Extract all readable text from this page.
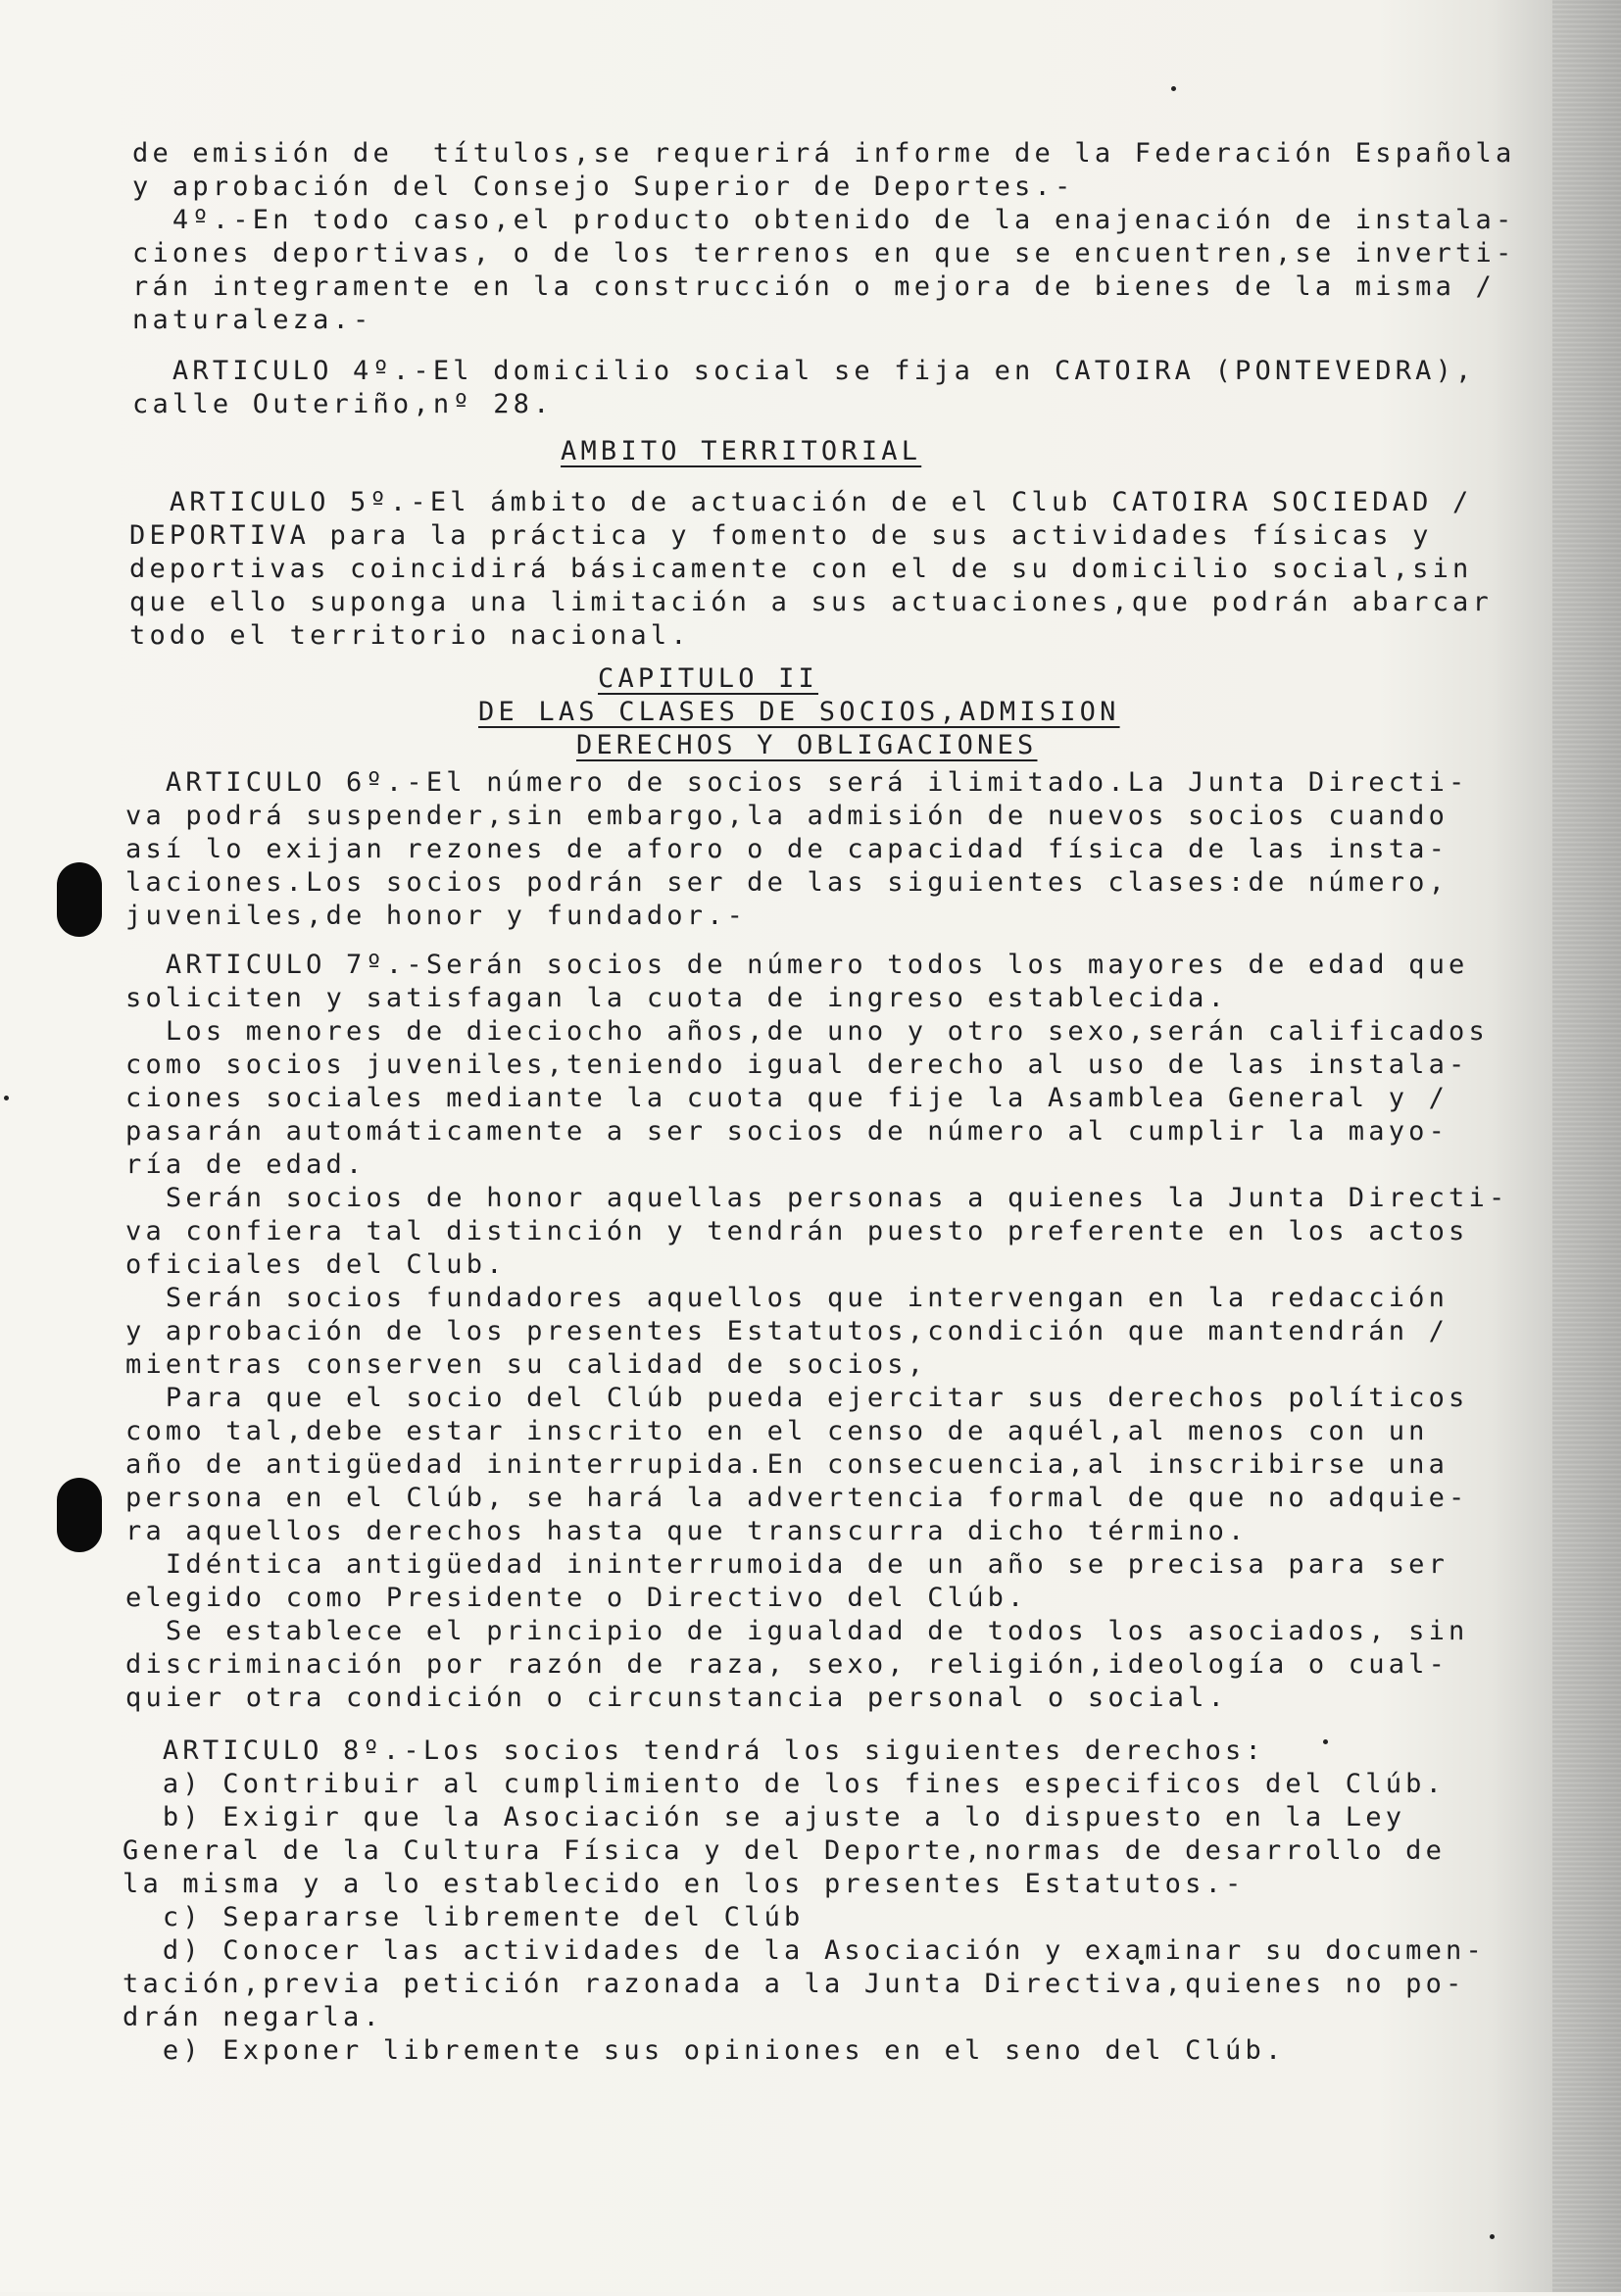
de emisión de  títulos,se requerirá informe de la Federación Española

y aprobación del Consejo Superior de Deportes.-

4º.-En todo caso,el producto obtenido de la enajenación de instala-

ciones deportivas, o de los terrenos en que se encuentren,se inverti-

rán integramente en la construcción o mejora de bienes de la misma /

naturaleza.-

ARTICULO 4º.-El domicilio social se fija en CATOIRA (PONTEVEDRA),

calle Outeriño,nº 28.

AMBITO TERRITORIAL

ARTICULO 5º.-El ámbito de actuación de el Club CATOIRA SOCIEDAD /

DEPORTIVA para la práctica y fomento de sus actividades físicas y

deportivas coincidirá básicamente con el de su domicilio social,sin

que ello suponga una limitación a sus actuaciones,que podrán abarcar

todo el territorio nacional.

CAPITULO II

DE LAS CLASES DE SOCIOS,ADMISION

DERECHOS Y OBLIGACIONES

ARTICULO 6º.-El número de socios será ilimitado.La Junta Directi-

va podrá suspender,sin embargo,la admisión de nuevos socios cuando

así lo exijan rezones de aforo o de capacidad física de las insta-

laciones.Los socios podrán ser de las siguientes clases:de número,

juveniles,de honor y fundador.-

ARTICULO 7º.-Serán socios de número todos los mayores de edad que

soliciten y satisfagan la cuota de ingreso establecida.

Los menores de dieciocho años,de uno y otro sexo,serán calificados

como socios juveniles,teniendo igual derecho al uso de las instala-

ciones sociales mediante la cuota que fije la Asamblea General y /

pasarán automáticamente a ser socios de número al cumplir la mayo-

ría de edad.

Serán socios de honor aquellas personas a quienes la Junta Directi-

va confiera tal distinción y tendrán puesto preferente en los actos

oficiales del Club.

Serán socios fundadores aquellos que intervengan en la redacción

y aprobación de los presentes Estatutos,condición que mantendrán /

mientras conserven su calidad de socios,

Para que el socio del Clúb pueda ejercitar sus derechos políticos

como tal,debe estar inscrito en el censo de aquél,al menos con un

año de antigüedad ininterrupida.En consecuencia,al inscribirse una

persona en el Clúb, se hará la advertencia formal de que no adquie-

ra aquellos derechos hasta que transcurra dicho término.

Idéntica antigüedad ininterrumoida de un año se precisa para ser

elegido como Presidente o Directivo del Clúb.

Se establece el principio de igualdad de todos los asociados, sin

discriminación por razón de raza, sexo, religión,ideología o cual-

quier otra condición o circunstancia personal o social.

ARTICULO 8º.-Los socios tendrá los siguientes derechos:

a) Contribuir al cumplimiento de los fines especificos del Clúb.

b) Exigir que la Asociación se ajuste a lo dispuesto en la Ley

General de la Cultura Física y del Deporte,normas de desarrollo de

la misma y a lo establecido en los presentes Estatutos.-

c) Separarse libremente del Clúb

d) Conocer las actividades de la Asociación y examinar su documen-

tación,previa petición razonada a la Junta Directiva,quienes no po-

drán negarla.

e) Exponer libremente sus opiniones en el seno del Clúb.
